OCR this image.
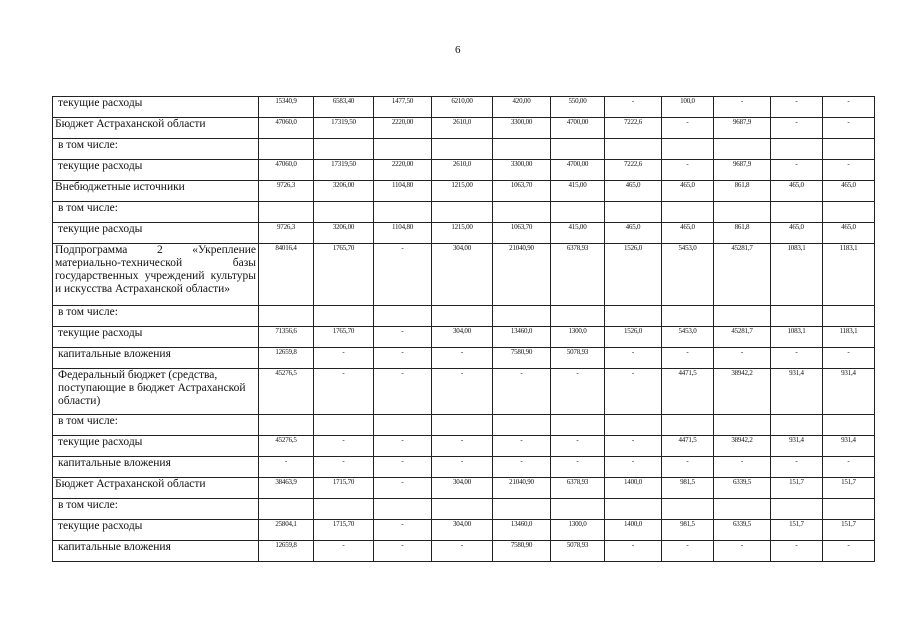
6
текущие расходы	15340,9	6583,40	1477,50	6210,00	420,00	550,00	-	100,0	-	-	-
Бюджет Астраханской области	47060,0	17319,50	2220,00	2610,0	3300,00	4700,00	7222,6	-	9687,9	-	-
в том числе:											
текущие расходы	47060,0	17319,50	2220,00	2610,0	3300,00	4700,00	7222,6	-	9687,9	-	-
Внебюджетные источники	9726,3	3206,00	1104,80	1215,00	1063,70	415,00	465,0	465,0	861,8	465,0	465,0
в том числе:											
текущие расходы	9726,3	3206,00	1104,80	1215,00	1063,70	415,00	465,0	465,0	861,8	465,0	465,0
Подпрограмма 2 «Укрепление материально-технической базы государственных учреждений культуры и искусства Астраханской области»	84016,4	1765,70	-	304,00	21040,90	6378,93	1526,0	5453,0	45281,7	1083,1	1183,1
в том числе:											
текущие расходы	71356,6	1765,70	-	304,00	13460,0	1300,0	1526,0	5453,0	45281,7	1083,1	1183,1
капитальные вложения	12659,8	-	-	-	7580,90	5078,93	-	-	-	-	-
Федеральный бюджет (средства, поступающие в бюджет Астраханской области)	45276,5	-	-	-	-	-	-	4471,5	38942,2	931,4	931,4
в том числе:											
текущие расходы	45276,5	-	-	-	-	-	-	4471,5	38942,2	931,4	931,4
капитальные вложения	-	-	-	-	-	-	-	-	-	-	-
Бюджет Астраханской области	38463,9	1715,70	-	304,00	21040,90	6378,93	1400,0	981,5	6339,5	151,7	151,7
в том числе:											
текущие расходы	25804,1	1715,70	-	304,00	13460,0	1300,0	1400,0	981,5	6339,5	151,7	151,7
капитальные вложения	12659,8	-	-	-	7580,90	5078,93	-	-	-	-	-
